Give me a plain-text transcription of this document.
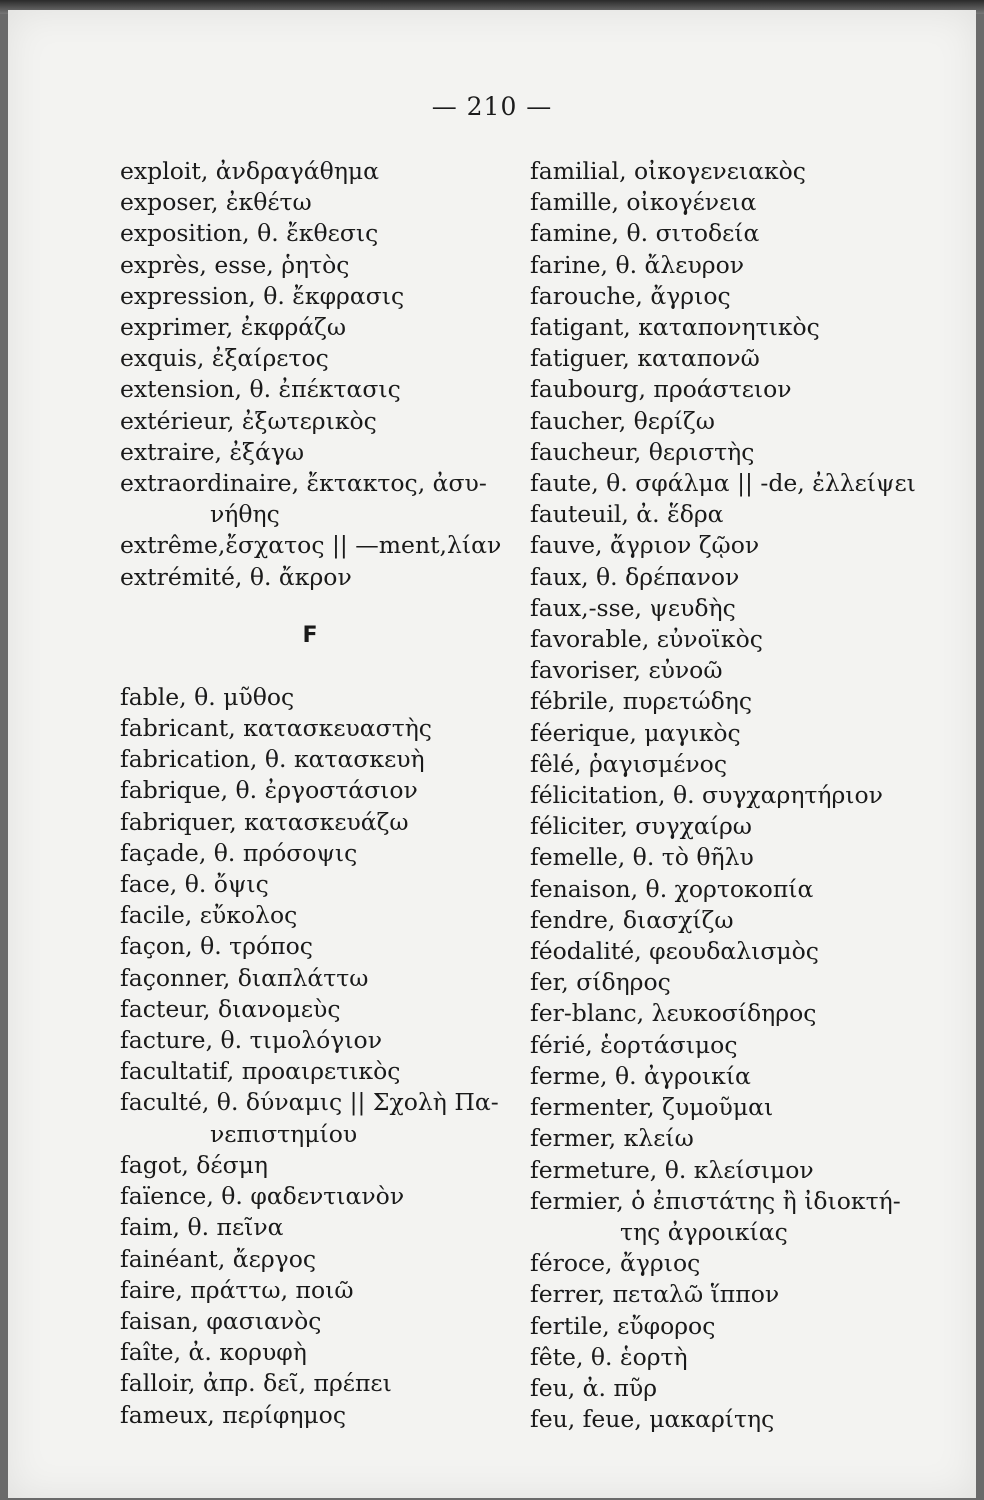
— 210 —
exploit, ἀνδραγάθημα
exposer, ἐκθέτω
exposition, θ. ἔκθεσις
exprès, esse, ῥητὸς
expression, θ. ἔκφρασις
exprimer, ἐκφράζω
exquis, ἐξαίρετος
extension, θ. ἐπέκτασις
extérieur, ἐξωτερικὸς
extraire, ἐξάγω
extraordinaire, ἔκτακτος, ἀσυ-
νήθης
extrême,ἔσχατος || —ment,λίαν
extrémité, θ. ἄκρον
F
fable, θ. μῦθος
fabricant, κατασκευαστὴς
fabrication, θ. κατασκευὴ
fabrique, θ. ἐργοστάσιον
fabriquer, κατασκευάζω
façade, θ. πρόσοψις
face, θ. ὄψις
facile, εὔκολος
façon, θ. τρόπος
façonner, διαπλάττω
facteur, διανομεὺς
facture, θ. τιμολόγιον
facultatif, προαιρετικὸς
faculté, θ. δύναμις || Σχολὴ Πα-
νεπιστημίου
fagot, δέσμη
faïence, θ. φαδεντιανὸν
faim, θ. πεῖνα
fainéant, ἄεργος
faire, πράττω, ποιῶ
faisan, φασιανὸς
faîte, ἀ. κορυφὴ
falloir, ἀπρ. δεῖ, πρέπει
fameux, περίφημος
familial, οἰκογενειακὸς
famille, οἰκογένεια
famine, θ. σιτοδεία
farine, θ. ἄλευρον
farouche, ἄγριος
fatigant, καταπονητικὸς
fatiguer, καταπονῶ
faubourg, προάστειον
faucher, θερίζω
faucheur, θεριστὴς
faute, θ. σφάλμα || -de, ἐλλείψει
fauteuil, ἀ. ἕδρα
fauve, ἄγριον ζῷον
faux, θ. δρέπανον
faux,-sse, ψευδὴς
favorable, εὐνοϊκὸς
favoriser, εὐνοῶ
fébrile, πυρετώδης
féerique, μαγικὸς
fêlé, ῥαγισμένος
félicitation, θ. συγχαρητήριον
féliciter, συγχαίρω
femelle, θ. τὸ θῆλυ
fenaison, θ. χορτοκοπία
fendre, διασχίζω
féodalité, φεουδαλισμὸς
fer, σίδηρος
fer-blanc, λευκοσίδηρος
férié, ἑορτάσιμος
ferme, θ. ἀγροικία
fermenter, ζυμοῦμαι
fermer, κλείω
fermeture, θ. κλείσιμον
fermier, ὁ ἐπιστάτης ἢ ἰδιοκτή-
της ἀγροικίας
féroce, ἄγριος
ferrer, πεταλῶ ἵππον
fertile, εὔφορος
fête, θ. ἑορτὴ
feu, ἀ. πῦρ
feu, feue, μακαρίτης
